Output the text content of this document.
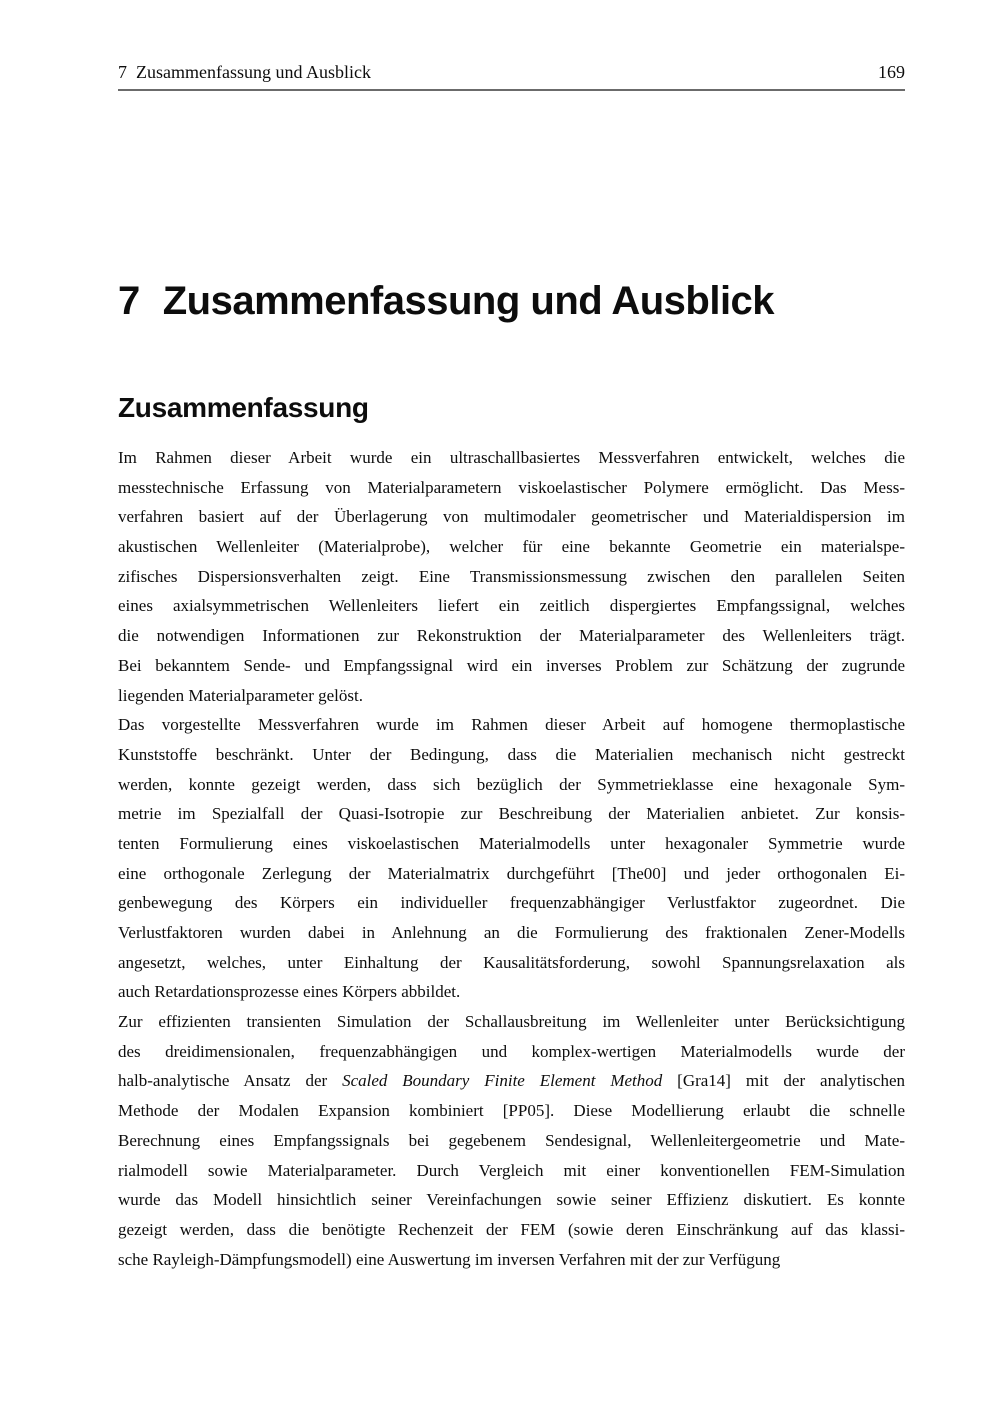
7 Zusammenfassung und Ausblick	169
7 Zusammenfassung und Ausblick
Zusammenfassung
Im Rahmen dieser Arbeit wurde ein ultraschallbasiertes Messverfahren entwickelt, welches die
messtechnische Erfassung von Materialparametern viskoelastischer Polymere ermöglicht. Das Mess-
verfahren basiert auf der Überlagerung von multimodaler geometrischer und Materialdispersion im
akustischen Wellenleiter (Materialprobe), welcher für eine bekannte Geometrie ein materialspe-
zifisches Dispersionsverhalten zeigt. Eine Transmissionsmessung zwischen den parallelen Seiten
eines axialsymmetrischen Wellenleiters liefert ein zeitlich dispergiertes Empfangssignal, welches
die notwendigen Informationen zur Rekonstruktion der Materialparameter des Wellenleiters trägt.
Bei bekanntem Sende- und Empfangssignal wird ein inverses Problem zur Schätzung der zugrunde
liegenden Materialparameter gelöst.
Das vorgestellte Messverfahren wurde im Rahmen dieser Arbeit auf homogene thermoplastische
Kunststoffe beschränkt. Unter der Bedingung, dass die Materialien mechanisch nicht gestreckt
werden, konnte gezeigt werden, dass sich bezüglich der Symmetrieklasse eine hexagonale Sym-
metrie im Spezialfall der Quasi-Isotropie zur Beschreibung der Materialien anbietet. Zur konsis-
tenten Formulierung eines viskoelastischen Materialmodells unter hexagonaler Symmetrie wurde
eine orthogonale Zerlegung der Materialmatrix durchgeführt [The00] und jeder orthogonalen Ei-
genbewegung des Körpers ein individueller frequenzabhängiger Verlustfaktor zugeordnet. Die
Verlustfaktoren wurden dabei in Anlehnung an die Formulierung des fraktionalen Zener-Modells
angesetzt, welches, unter Einhaltung der Kausalitätsforderung, sowohl Spannungsrelaxation als
auch Retardationsprozesse eines Körpers abbildet.
Zur effizienten transienten Simulation der Schallausbreitung im Wellenleiter unter Berücksichtigung
des dreidimensionalen, frequenzabhängigen und komplex-wertigen Materialmodells wurde der
halb-analytische Ansatz der Scaled Boundary Finite Element Method [Gra14] mit der analytischen
Methode der Modalen Expansion kombiniert [PP05]. Diese Modellierung erlaubt die schnelle
Berechnung eines Empfangssignals bei gegebenem Sendesignal, Wellenleitergeometrie und Mate-
rialmodell sowie Materialparameter. Durch Vergleich mit einer konventionellen FEM-Simulation
wurde das Modell hinsichtlich seiner Vereinfachungen sowie seiner Effizienz diskutiert. Es konnte
gezeigt werden, dass die benötigte Rechenzeit der FEM (sowie deren Einschränkung auf das klassi-
sche Rayleigh-Dämpfungsmodell) eine Auswertung im inversen Verfahren mit der zur Verfügung
